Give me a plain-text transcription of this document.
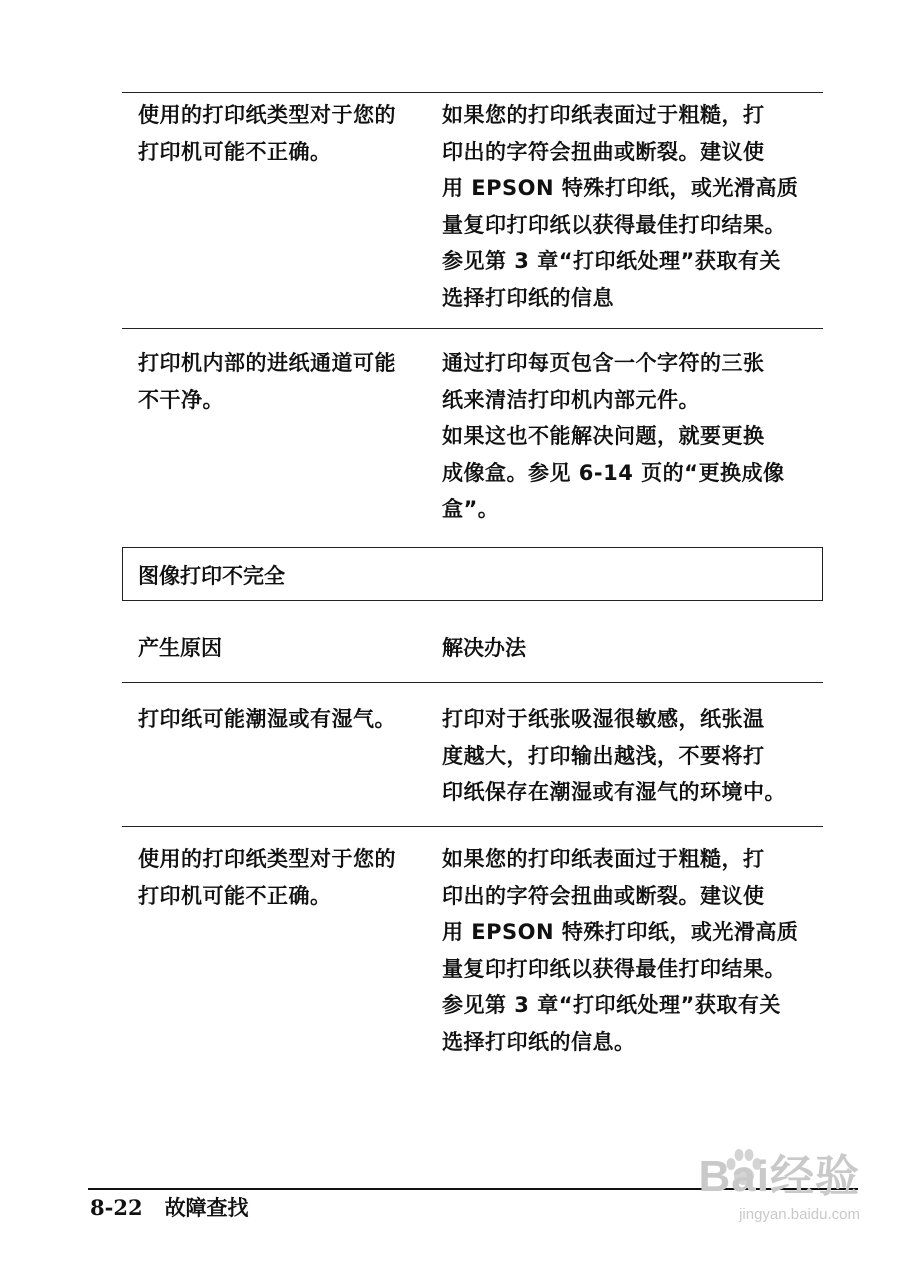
使用的打印纸类型对于您的
打印机可能不正确。
如果您的打印纸表面过于粗糙，打
印出的字符会扭曲或断裂。建议使
用 EPSON 特殊打印纸，或光滑高质
量复印打印纸以获得最佳打印结果。
参见第 3 章“打印纸处理”获取有关
选择打印纸的信息
打印机内部的进纸通道可能
不干净。
通过打印每页包含一个字符的三张
纸来清洁打印机内部元件。
如果这也不能解决问题，就要更换
成像盒。参见 6-14 页的“更换成像
盒”。
图像打印不完全
产生原因	解决办法
打印纸可能潮湿或有湿气。	打印对于纸张吸湿很敏感，纸张温
度越大，打印输出越浅，不要将打
印纸保存在潮湿或有湿气的环境中。
使用的打印纸类型对于您的
打印机可能不正确。
如果您的打印纸表面过于粗糙，打
印出的字符会扭曲或断裂。建议使
用 EPSON 特殊打印纸，或光滑高质
量复印打印纸以获得最佳打印结果。
参见第 3 章“打印纸处理”获取有关
选择打印纸的信息。
8-22 故障查找
Bai经验
jingyan.baidu.com
